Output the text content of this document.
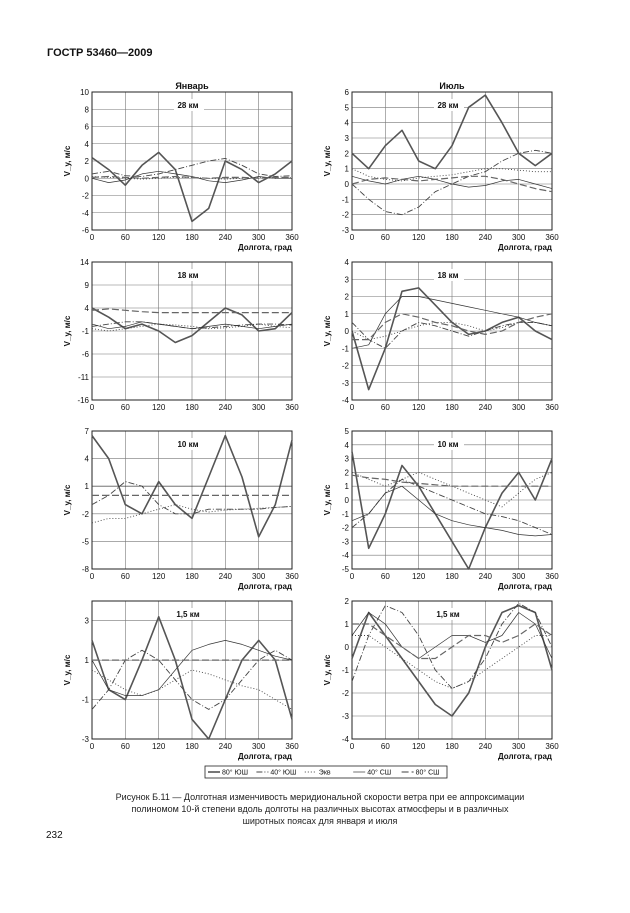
ГОСТР 53460—2009
0	60	120 180 240 300 360
-6
-4
-2
0
2
4
6
8
10
Долгота, град
V_y, м/с
28 км
Январь
0	60	120 180 240 300 360
-3
-2
-1
0
1
2
3
4
5
6
Долгота, град
V_y, м/с
28 км
Июль
0	60	120 180 240 300 360
-16
-11
-6
-1
4
9
14
V_y, м/с
18 км
0	60	120 180 240 300 360
-4
-3
-2
-1
0
1
2
3
4
V_y, м/с
18 км
0	60	120 180 240 300 360
-8
-5
-2
1
4
7
Долгота, град
V_y, м/с
10 км
0	60	120 180 240 300 360
-5
-4
-3
-2
-1
0
1
2
3
4
5
Долгота, град
V_y, м/с
10 км
0	60	120 180 240 300 360
-3
-1
1
3
Долгота, град
V_y, м/с
1,5 км
0	60	120 180 240 300 360
-4
-3
-2
-1
0
1
2
Долгота, град
V_y, м/с
1,5 км
80° ЮШ	40° ЮШ	Экв	40° СШ	80° СШ
Рисунок Б.11 — Долготная изменчивость меридиональной скорости ветра при ее аппроксимации
полиномом 10-й степени вдоль долготы на различных высотах атмосферы и в различных
широтных поясах для января и июля
232
